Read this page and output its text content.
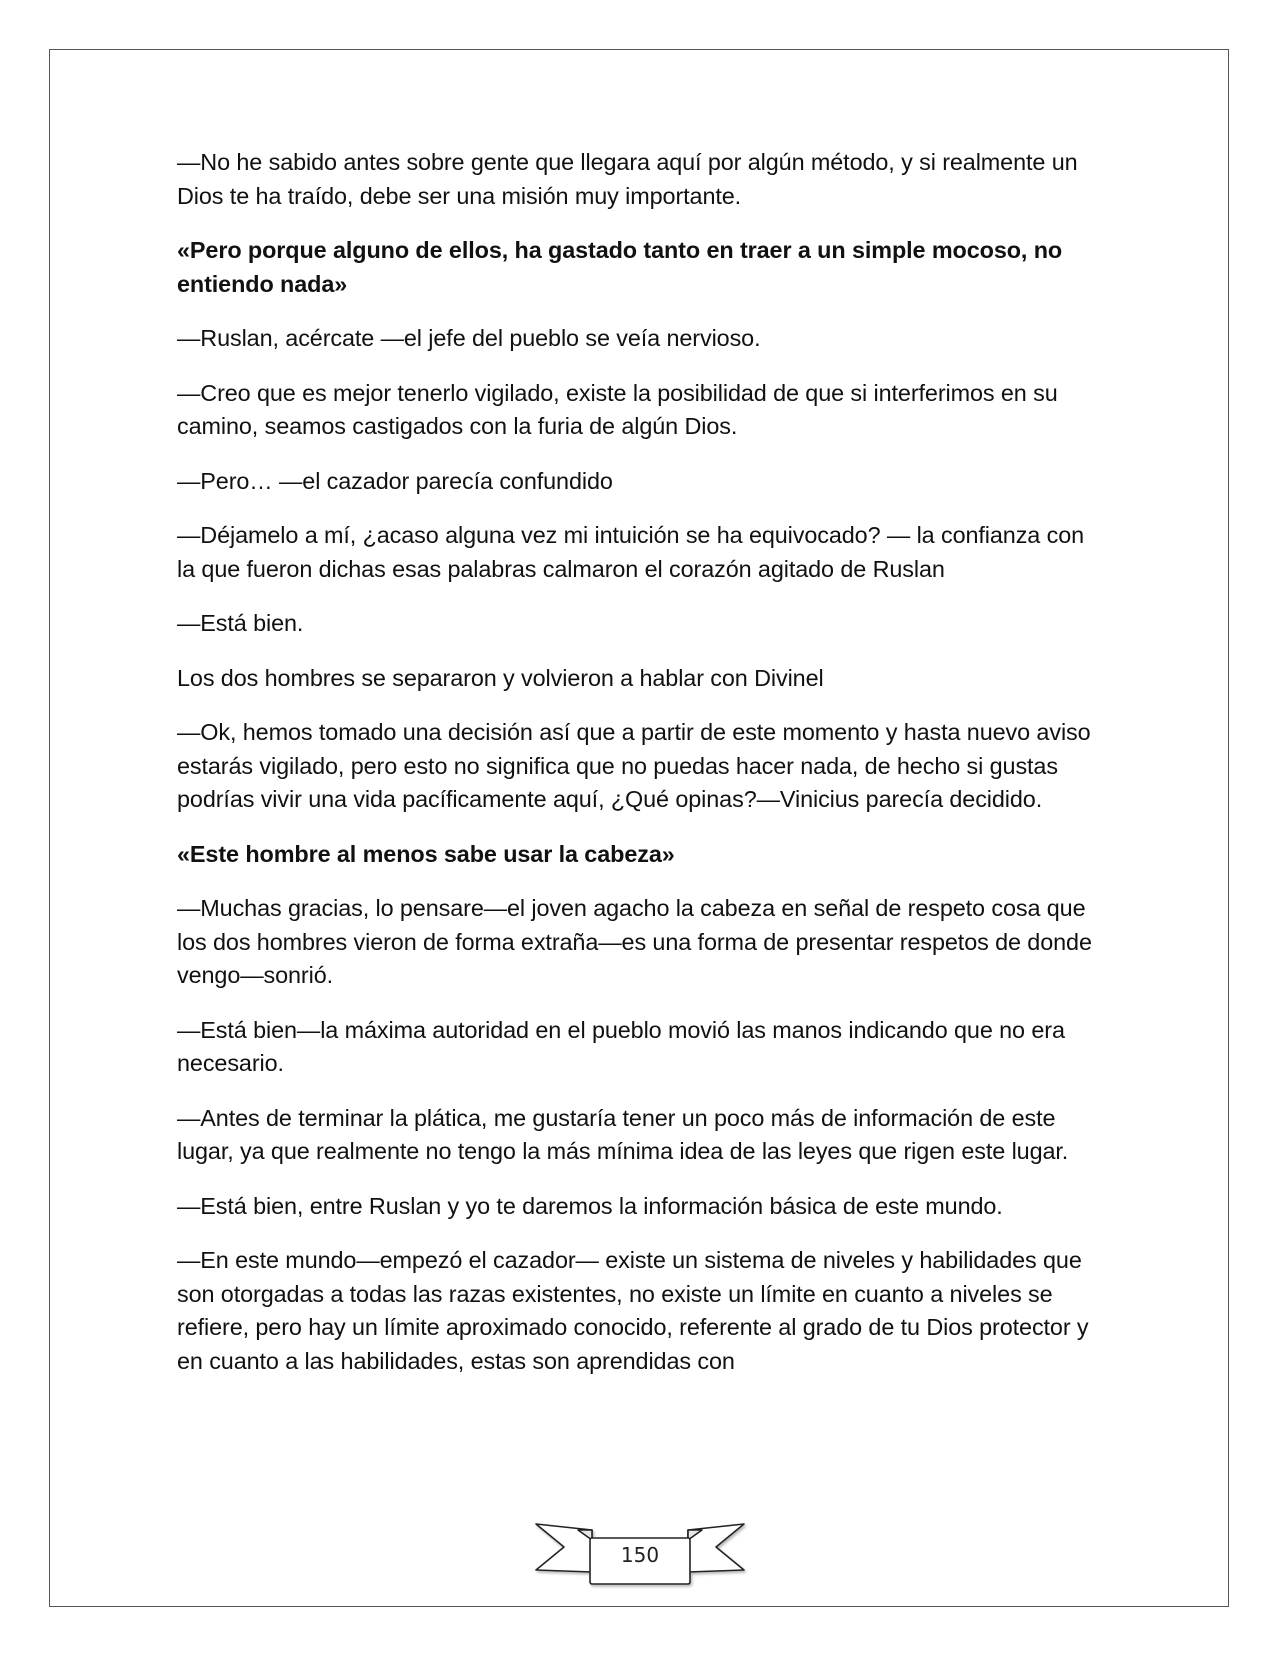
—No he sabido antes sobre gente que llegara aquí por algún método, y si realmente un Dios te ha traído, debe ser una misión muy importante.

«Pero porque alguno de ellos, ha gastado tanto en traer a un simple mocoso, no entiendo nada»

—Ruslan, acércate —el jefe del pueblo se veía nervioso.

—Creo que es mejor tenerlo vigilado, existe la posibilidad de que si interferimos en su camino, seamos castigados con la furia de algún Dios.

—Pero… —el cazador parecía confundido

—Déjamelo a mí, ¿acaso alguna vez mi intuición se ha equivocado? — la confianza con la que fueron dichas esas palabras calmaron el corazón agitado de Ruslan

—Está bien.

Los dos hombres se separaron y volvieron a hablar con Divinel

—Ok, hemos tomado una decisión así que a partir de este momento y hasta nuevo aviso estarás vigilado, pero esto no significa que no puedas hacer nada, de hecho si gustas podrías vivir una vida pacíficamente aquí, ¿Qué opinas?—Vinicius parecía decidido.

«Este hombre al menos sabe usar la cabeza»

—Muchas gracias, lo pensare—el joven agacho la cabeza en señal de respeto cosa que los dos hombres vieron de forma extraña—es una forma de presentar respetos de donde vengo—sonrió.

—Está bien—la máxima autoridad en el pueblo movió las manos indicando que no era necesario.

—Antes de terminar la plática, me gustaría tener un poco más de información de este lugar, ya que realmente no tengo la más mínima idea de las leyes que rigen este lugar.

—Está bien, entre Ruslan y yo te daremos la información básica de este mundo.

—En este mundo—empezó el cazador— existe un sistema de niveles y habilidades que son otorgadas a todas las razas existentes, no existe un límite en cuanto a niveles se refiere, pero hay un límite aproximado conocido, referente al grado de tu Dios protector y en cuanto a las habilidades, estas son aprendidas con

150
